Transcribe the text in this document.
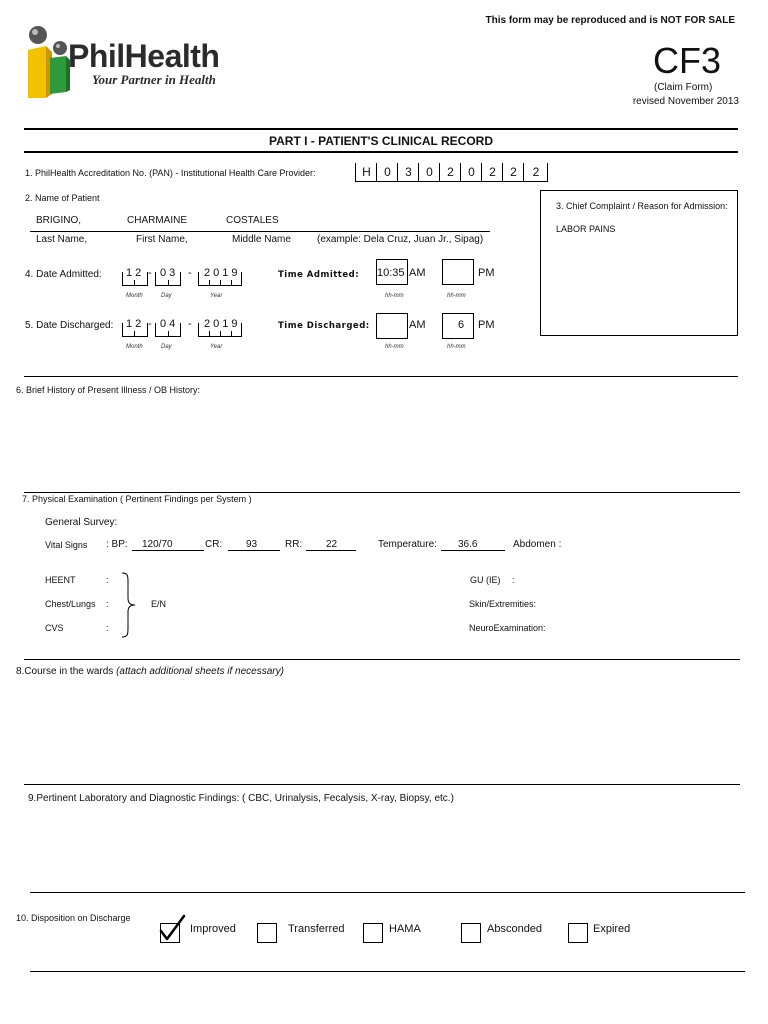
PhilHealth
Your Partner in Health
This form may be reproduced and is NOT FOR SALE
CF3
(Claim Form)
revised November 2013
PART I - PATIENT'S CLINICAL RECORD
1. PhilHealth Accreditation No. (PAN) - Institutional Health Care Provider:	H	0	3	0	2	0	2	2	2
2. Name of Patient
BRIGINO,	CHARMAINE	COSTALES
Last Name,	First Name,	Middle Name	(example: Dela Cruz, Juan Jr., Sipag)
3. Chief Complaint / Reason for Admission:
LABOR PAINS
4. Date Admitted: 12 - 03 - 2019
Month	Day	Year
Time Admitted: 10:35 AM	PM
hh-mm	hh-mm
5. Date Discharged: 12 - 04 - 2019
Month	Day	Year
Time Discharged:	AM	6 PM
hh-mm	hh-mm
6. Brief History of Present Illness / OB History:
7. Physical Examination ( Pertinent Findings per System )
General Survey:
Vital Signs : BP: 120/70	CR: 93	RR: 22	Temperature: 36.6	Abdomen :
HEENT	:
Chest/Lungs :
CVS	:
E/N
GU (IE) :
Skin/Extremities:
NeuroExamination:
8.Course in the wards (attach additional sheets if necessary)
9.Pertinent Laboratory and Diagnostic Findings: ( CBC, Urinalysis, Fecalysis, X-ray, Biopsy, etc.)
10. Disposition on Discharge
Improved	Transferred	HAMA	Absconded	Expired
